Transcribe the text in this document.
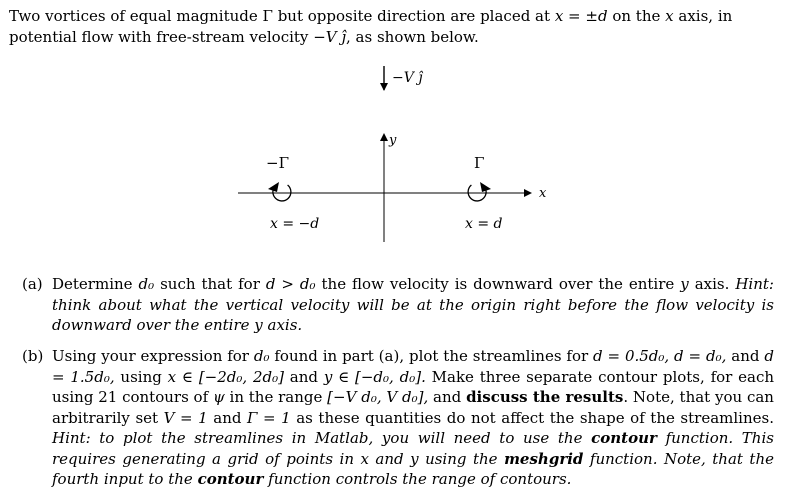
Two vortices of equal magnitude Γ but opposite direction are placed at x = ±d on the x axis, in potential flow with free-stream velocity −V ĵ, as shown below.

−V ĵ
y
x
−Γ
x = −d
Γ
x = d
(a) Determine d₀ such that for d > d₀ the flow velocity is downward over the entire y axis. Hint: think about what the vertical velocity will be at the origin right before the flow velocity is downward over the entire y axis.
(b) Using your expression for d₀ found in part (a), plot the streamlines for d = 0.5d₀, d = d₀, and d = 1.5d₀, using x ∈ [−2d₀, 2d₀] and y ∈ [−d₀, d₀]. Make three separate contour plots, for each using 21 contours of ψ in the range [−V d₀, V d₀], and discuss the results. Note, that you can arbitrarily set V = 1 and Γ = 1 as these quantities do not affect the shape of the streamlines. Hint: to plot the streamlines in Matlab, you will need to use the contour function. This requires generating a grid of points in x and y using the meshgrid function. Note, that the fourth input to the contour function controls the range of contours.
